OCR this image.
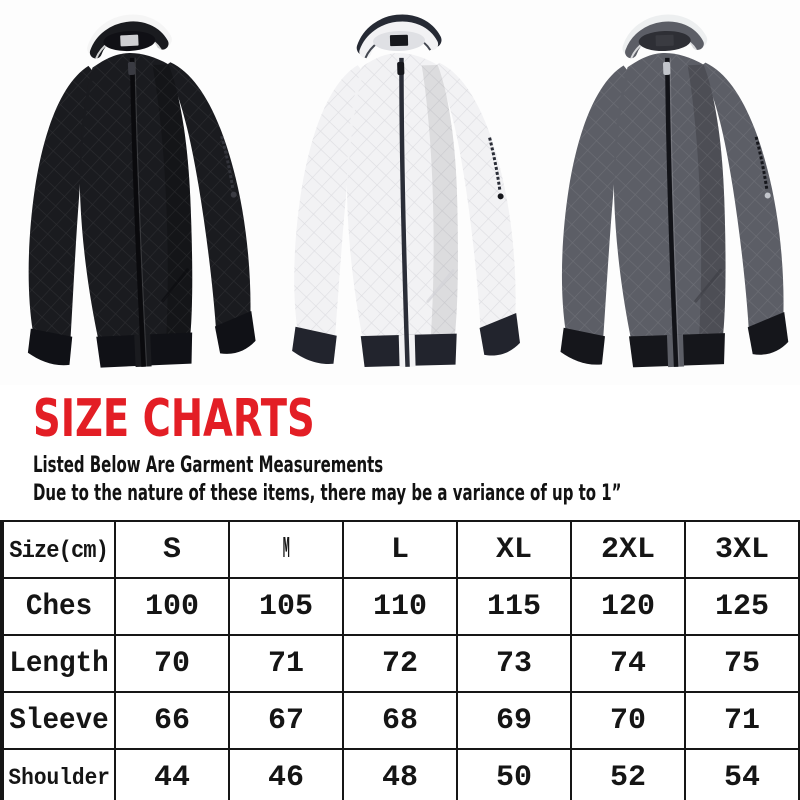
SIZE CHARTS

Listed Below Are Garment Measurements

Due to the nature of these items, there may be a variance of up to 1”

Size(cm)	S	M	L	XL	2XL	3XL
Ches	100	105	110	115	120	125
Length	70	71	72	73	74	75
Sleeve	66	67	68	69	70	71
Shoulder	44	46	48	50	52	54
